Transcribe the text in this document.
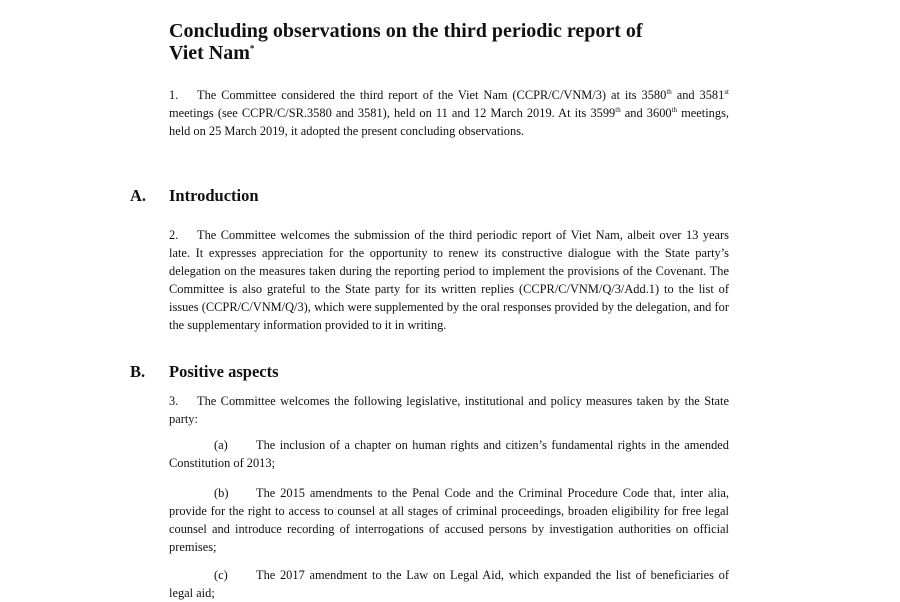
Concluding observations on the third periodic report of
Viet Nam*

1. The Committee considered the third report of the Viet Nam (CCPR/C/VNM/3) at its 3580th and 3581st meetings (see CCPR/C/SR.3580 and 3581), held on 11 and 12 March 2019. At its 3599th and 3600th meetings, held on 25 March 2019, it adopted the present concluding observations.

A. Introduction

2. The Committee welcomes the submission of the third periodic report of Viet Nam, albeit over 13 years late. It expresses appreciation for the opportunity to renew its constructive dialogue with the State party’s delegation on the measures taken during the reporting period to implement the provisions of the Covenant. The Committee is also grateful to the State party for its written replies (CCPR/C/VNM/Q/3/Add.1) to the list of issues (CCPR/C/VNM/Q/3), which were supplemented by the oral responses provided by the delegation, and for the supplementary information provided to it in writing.

B. Positive aspects

3. The Committee welcomes the following legislative, institutional and policy measures taken by the State party:

(a) The inclusion of a chapter on human rights and citizen’s fundamental rights in the amended Constitution of 2013;

(b) The 2015 amendments to the Penal Code and the Criminal Procedure Code that, inter alia, provide for the right to access to counsel at all stages of criminal proceedings, broaden eligibility for free legal counsel and introduce recording of interrogations of accused persons by investigation authorities on official premises;

(c) The 2017 amendment to the Law on Legal Aid, which expanded the list of beneficiaries of legal aid;
